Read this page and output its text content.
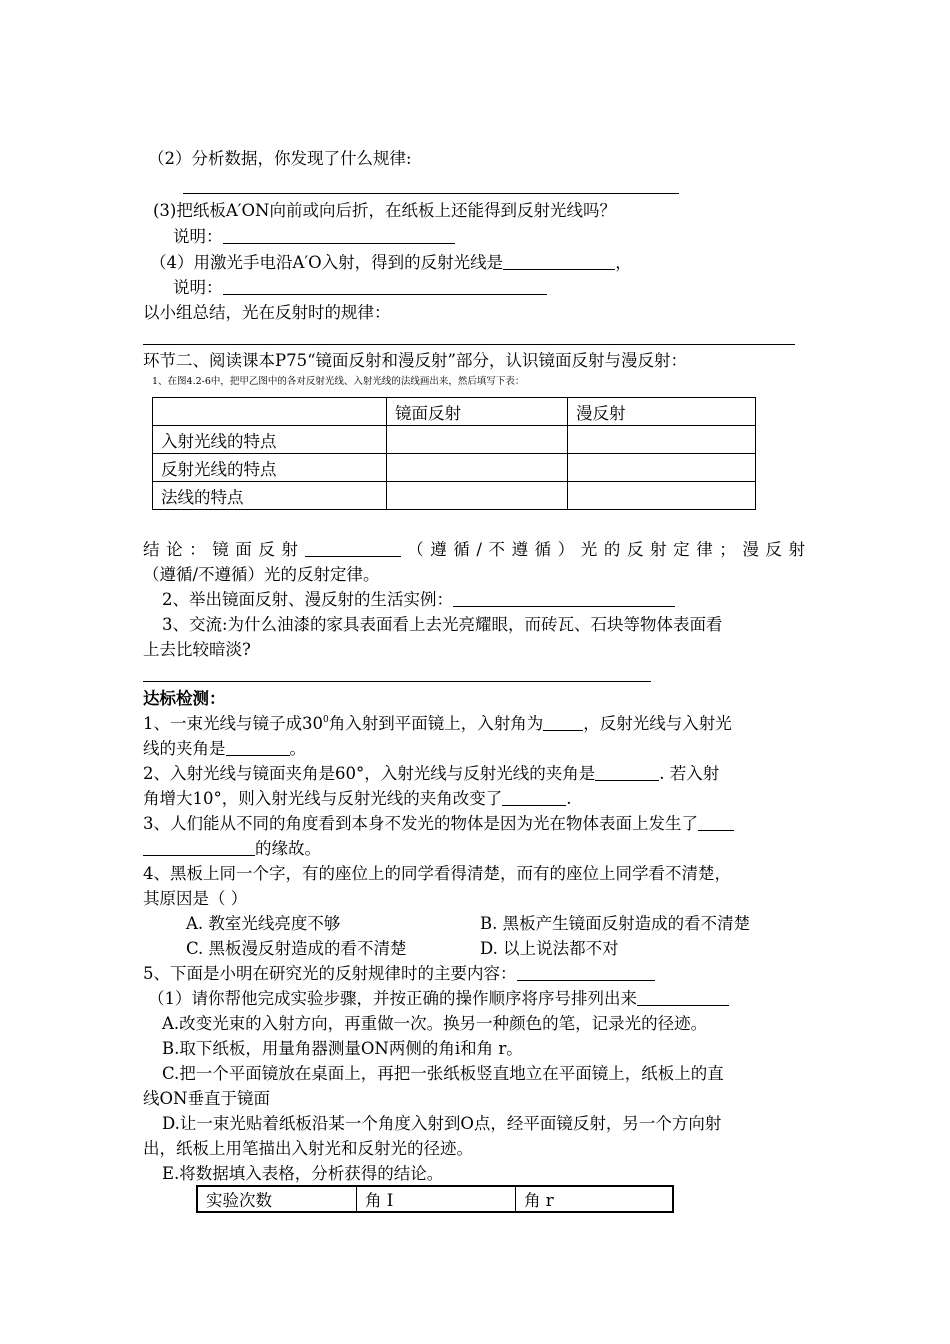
（2）分析数据，你发现了什么规律:
(3)把纸板A′ON向前或向后折，在纸板上还能得到反射光线吗？
说明：
（4）用激光手电沿A′O入射，得到的反射光线是	，
说明：
以小组总结，光在反射时的规律：
环节二、阅读课本P75“镜面反射和漫反射”部分，认识镜面反射与漫反射：
1、在图4.2-6中，把甲乙图中的各对反射光线、入射光线的法线画出来，然后填写下表：
	镜面反射	漫反射
入射光线的特点		
反射光线的特点		
法线的特点		
结论：镜面反射	（遵循/不遵循）光的反射定律；漫反射
（遵循/不遵循）光的反射定律。
2、举出镜面反射、漫反射的生活实例：
3、交流:为什么油漆的家具表面看上去光亮耀眼，而砖瓦、石块等物体表面看
上去比较暗淡?
达标检测：
1、一束光线与镜子成$30^0$角入射到平面镜上，入射角为 ，反射光线与入射光
线的夹角是	。
2、入射光线与镜面夹角是60°，入射光线与反射光线的夹角是	. 若入射
角增大10°，则入射光线与反射光线的夹角改变了	.
3、人们能从不同的角度看到本身不发光的物体是因为光在物体表面上发生了
的缘故。
4、黑板上同一个字，有的座位上的同学看得清楚，而有的座位上同学看不清楚，
其原因是（ ）
A. 教室光线亮度不够	B. 黑板产生镜面反射造成的看不清楚
C. 黑板漫反射造成的看不清楚	D. 以上说法都不对
5、下面是小明在研究光的反射规律时的主要内容：
（1）请你帮他完成实验步骤，并按正确的操作顺序将序号排列出来
A.改变光束的入射方向，再重做一次。换另一种颜色的笔，记录光的径迹。
B.取下纸板，用量角器测量ON两侧的角i和角 r。
C.把一个平面镜放在桌面上，再把一张纸板竖直地立在平面镜上，纸板上的直
线ON垂直于镜面
D.让一束光贴着纸板沿某一个角度入射到O点，经平面镜反射，另一个方向射
出，纸板上用笔描出入射光和反射光的径迹。
E.将数据填入表格，分析获得的结论。
实验次数	角 I	角 r
